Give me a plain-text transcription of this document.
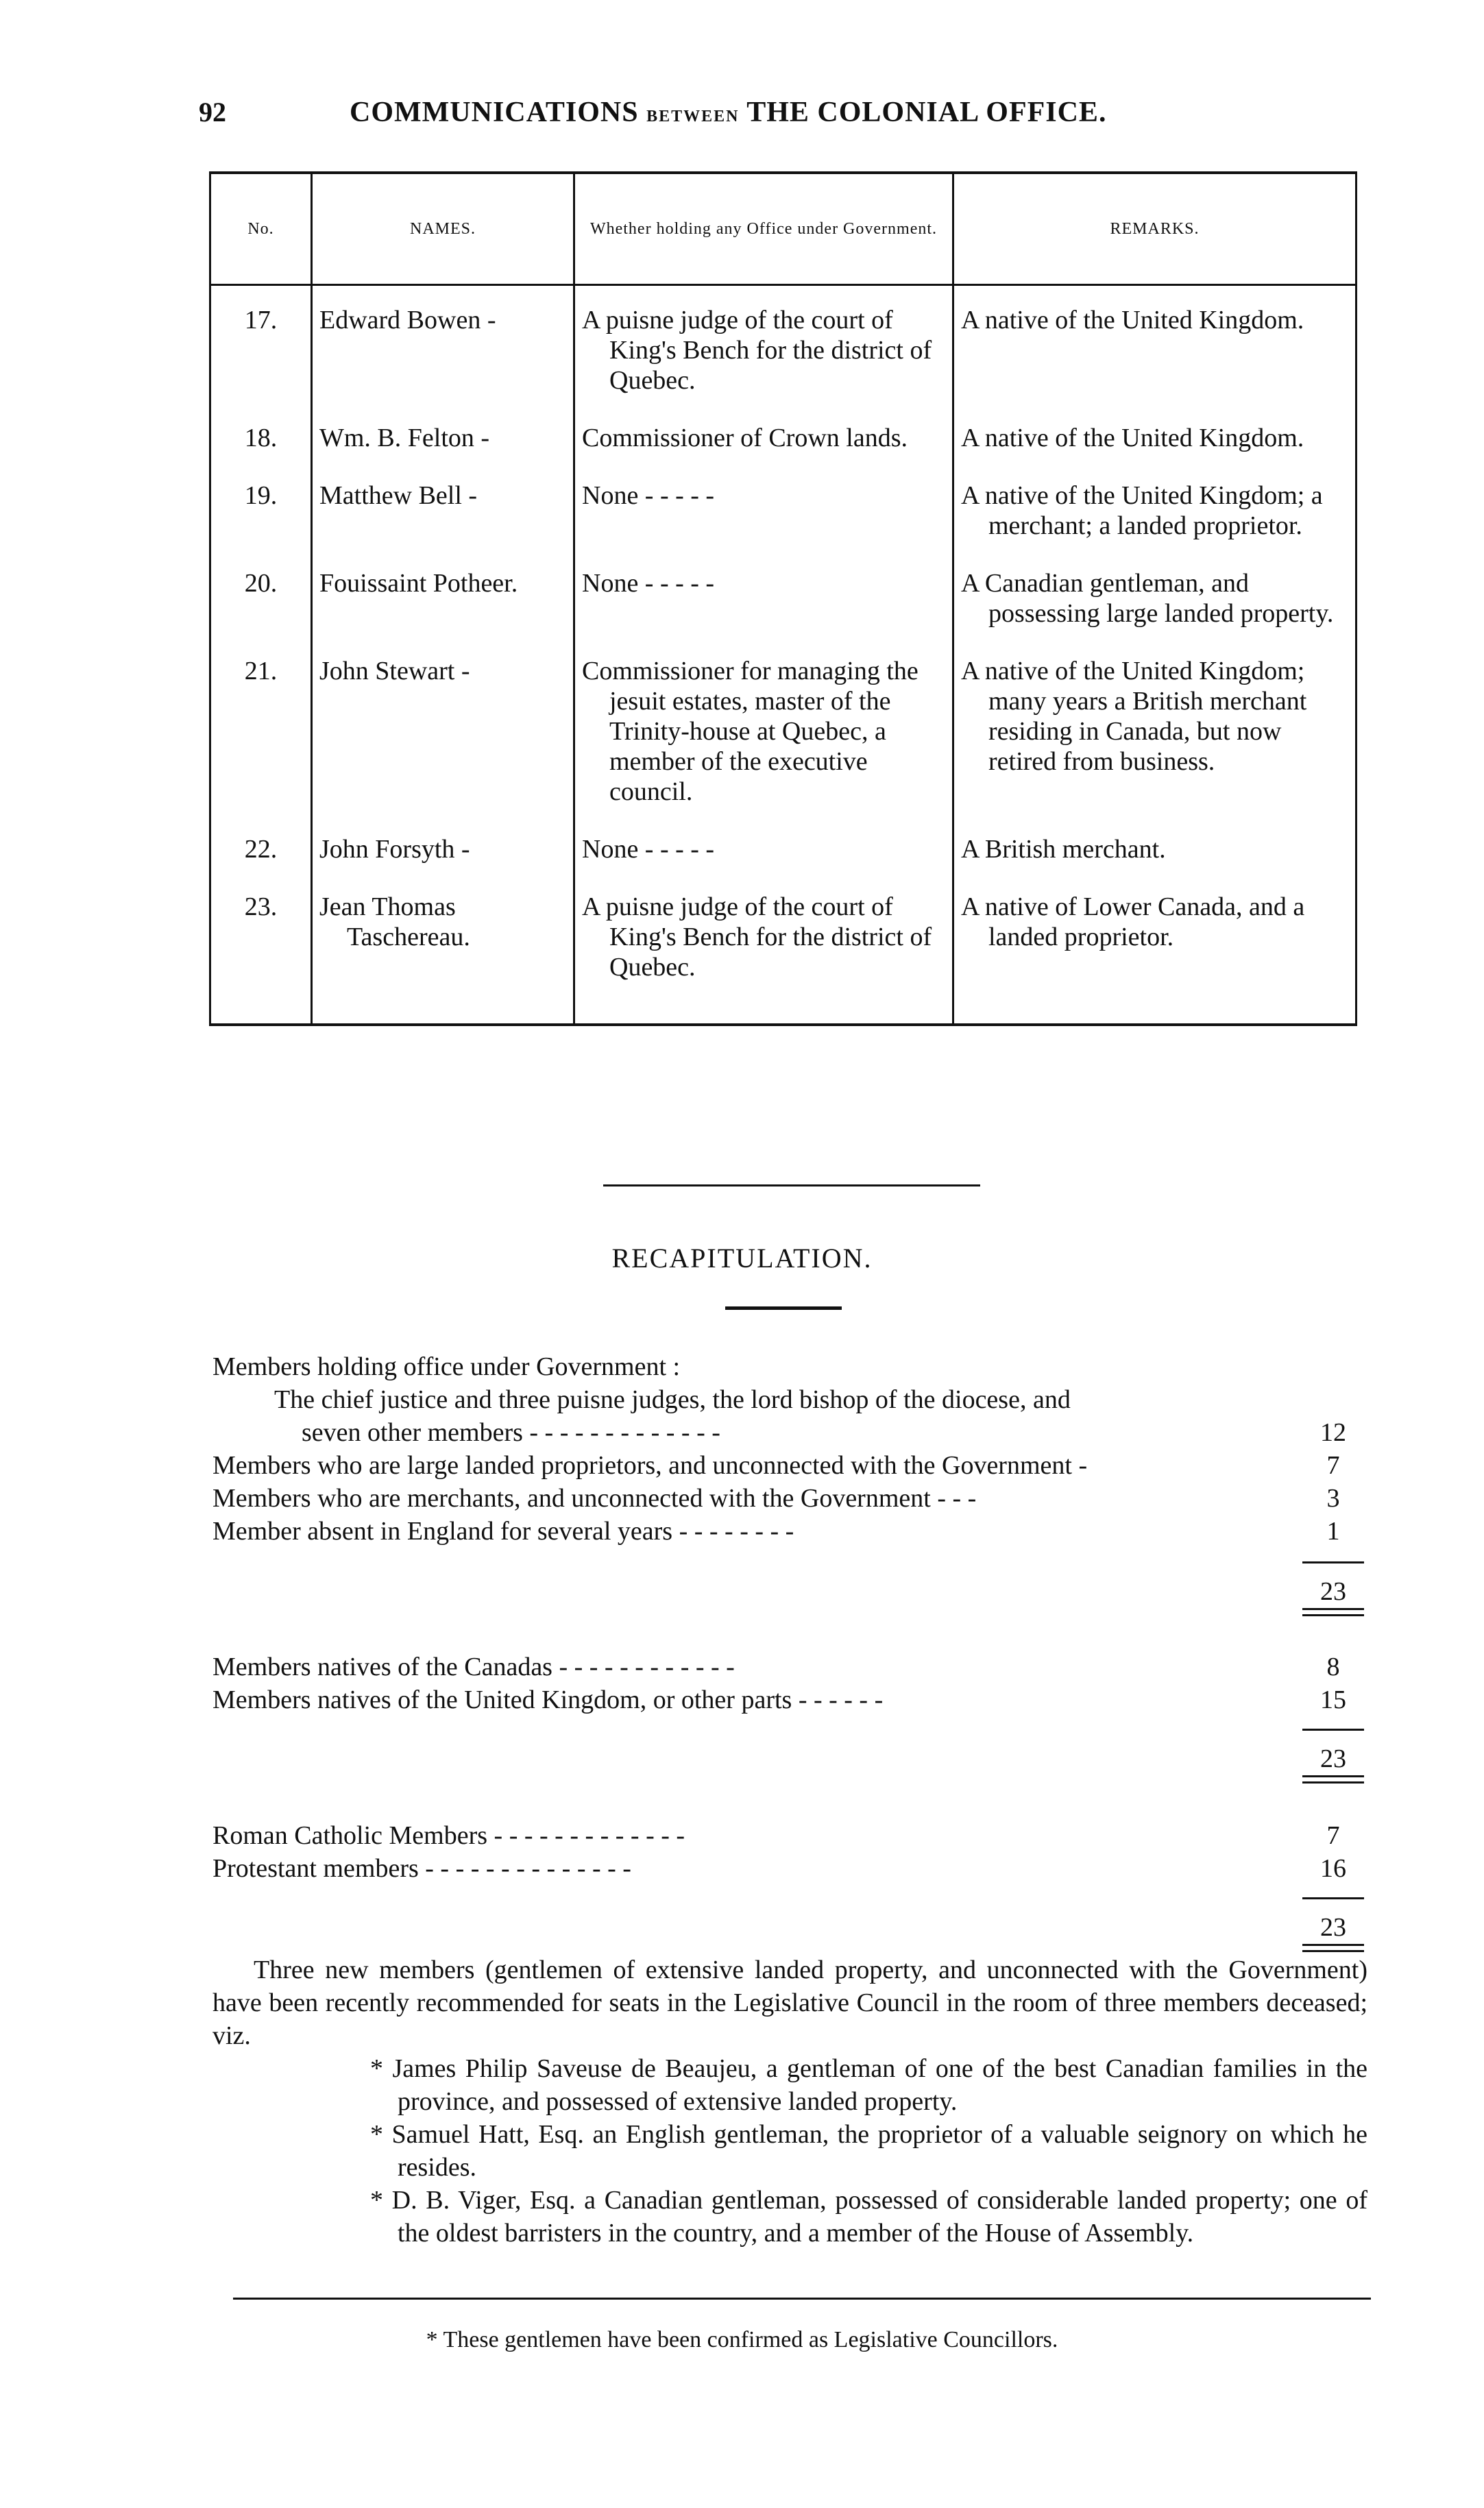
92	COMMUNICATIONS BETWEEN THE COLONIAL OFFICE.
No.	NAMES.	Whether holding any Office under Government.	REMARKS.
17.	Edward Bowen -	A puisne judge of the court of King's Bench for the district of Quebec.	A native of the United Kingdom.

18.	Wm. B. Felton -	Commissioner of Crown lands.	A native of the United Kingdom.

19.	Matthew Bell -	None - - - - -	A native of the United Kingdom; a merchant; a landed proprietor.

20.	Fouissaint Potheer.	None - - - - -	A Canadian gentleman, and possessing large landed property.

21.	John Stewart -	Commissioner for managing the jesuit estates, master of the Trinity-house at Quebec, a member of the executive council.	A native of the United Kingdom; many years a British merchant residing in Canada, but now retired from business.

22.	John Forsyth -	None - - - - -	A British merchant.

23.	Jean Thomas Taschereau.	A puisne judge of the court of King's Bench for the district of Quebec.	A native of Lower Canada, and a landed proprietor.
RECAPITULATION.
Members holding office under Government :
The chief justice and three puisne judges, the lord bishop of the diocese, and
seven other members - - - - - - - - - - - - -	12
Members who are large landed proprietors, and unconnected with the Government -	7
Members who are merchants, and unconnected with the Government - - -	3
Member absent in England for several years - - - - - - - -	1
23
Members natives of the Canadas - - - - - - - - - - - -	8
Members natives of the United Kingdom, or other parts - - - - - -	15
23
Roman Catholic Members - - - - - - - - - - - - -	7
Protestant members - - - - - - - - - - - - - -	16
23

Three new members (gentlemen of extensive landed property, and unconnected with the Government) have been recently recommended for seats in the Legislative Council in the room of three members deceased; viz.

* James Philip Saveuse de Beaujeu, a gentleman of one of the best Canadian families in the province, and possessed of extensive landed property.

* Samuel Hatt, Esq. an English gentleman, the proprietor of a valuable seignory on which he resides.

* D. B. Viger, Esq. a Canadian gentleman, possessed of considerable landed property; one of the oldest barristers in the country, and a member of the House of Assembly.

* These gentlemen have been confirmed as Legislative Councillors.
